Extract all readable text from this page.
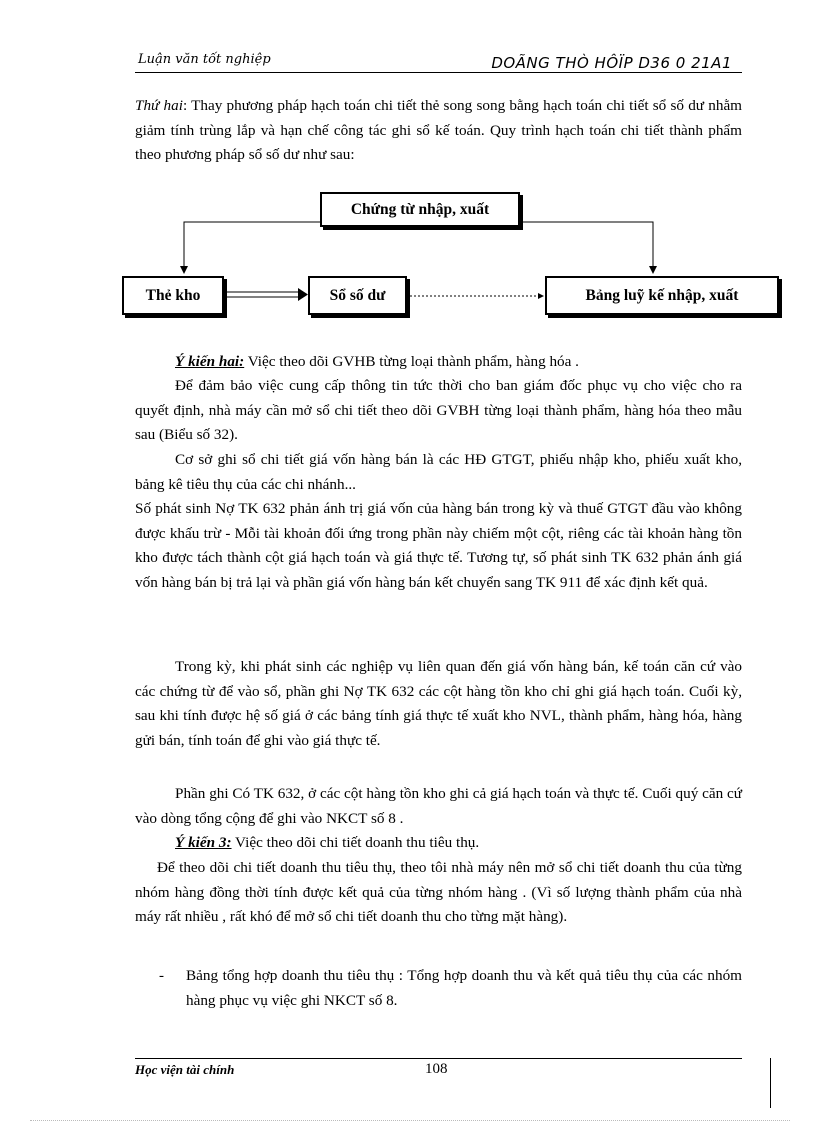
Luận văn tốt nghiệp	DOÃNG THÒ HÔÏP D36 0 21A1
Thứ hai: Thay phương pháp hạch toán chi tiết thẻ song song bằng hạch toán chi tiết sổ số dư nhằm giảm tính trùng lắp và hạn chế công tác ghi sổ kế toán. Quy trình hạch toán chi tiết thành phẩm theo phương pháp sổ số dư như sau:
Chứng từ nhập, xuất
Thẻ kho	Sổ số dư	Bảng luỹ kế nhập, xuất
Ý kiến hai: Việc theo dõi GVHB từng loại thành phẩm, hàng hóa .
Để đảm bảo việc cung cấp thông tin tức thời cho ban giám đốc phục vụ cho việc cho ra quyết định, nhà máy cần mở sổ chi tiết theo dõi GVBH từng loại thành phẩm, hàng hóa theo mẫu sau (Biểu số 32).
Cơ sở ghi sổ chi tiết giá vốn hàng bán là các HĐ GTGT, phiếu nhập kho, phiếu xuất kho, bảng kê tiêu thụ của các chi nhánh...
Số phát sinh Nợ TK 632 phản ánh trị giá vốn của hàng bán trong kỳ và thuế GTGT đầu vào không được khấu trừ - Mỗi tài khoản đối ứng trong phần này chiếm một cột, riêng các tài khoản hàng tồn kho được tách thành cột giá hạch toán và giá thực tế. Tương tự, số phát sinh TK 632 phản ánh giá vốn hàng bán bị trả lại và phần giá vốn hàng bán kết chuyển sang TK 911 để xác định kết quả.
Trong kỳ, khi phát sinh các nghiệp vụ liên quan đến giá vốn hàng bán, kế toán căn cứ vào các chứng từ để vào sổ, phần ghi Nợ TK 632 các cột hàng tồn kho chỉ ghi giá hạch toán. Cuối kỳ, sau khi tính được hệ số giá ở các bảng tính giá thực tế xuất kho NVL, thành phẩm, hàng hóa, hàng gửi bán, tính toán để ghi vào giá thực tế.
Phần ghi Có TK 632, ở các cột hàng tồn kho ghi cả giá hạch toán và thực tế. Cuối quý căn cứ vào dòng tổng cộng để ghi vào NKCT số 8 .
Ý kiến 3: Việc theo dõi chi tiết doanh thu tiêu thụ.
Để theo dõi chi tiết doanh thu tiêu thụ, theo tôi nhà máy nên mở sổ chi tiết doanh thu của từng nhóm hàng đồng thời tính được kết quả của từng nhóm hàng . (Vì số lượng thành phẩm của nhà máy rất nhiều , rất khó để mở sổ chi tiết doanh thu cho từng mặt hàng).
- Bảng tổng hợp doanh thu tiêu thụ : Tổng hợp doanh thu và kết quả tiêu thụ của các nhóm hàng phục vụ việc ghi NKCT số 8.
Học viện tài chính	108
